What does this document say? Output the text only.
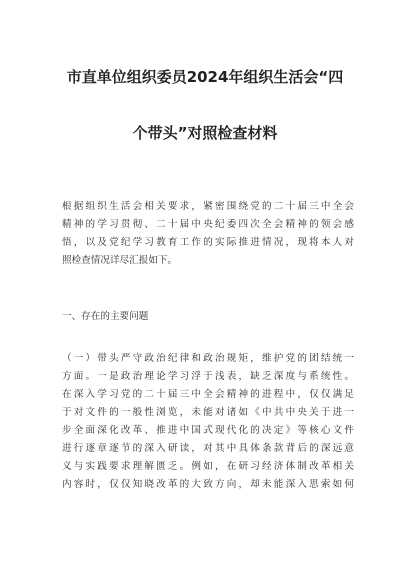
市直单位组织委员2024年组织生活会“四
个带头”对照检查材料
根据组织生活会相关要求，紧密围绕党的二十届三中全会
精神的学习贯彻、二十届中央纪委四次全会精神的领会感
悟，以及党纪学习教育工作的实际推进情况，现将本人对
照检查情况详尽汇报如下。
一、存在的主要问题
（一）带头严守政治纪律和政治规矩，维护党的团结统一
方面。一是政治理论学习浮于浅表，缺乏深度与系统性。
在深入学习党的二十届三中全会精神的进程中，仅仅满足
于对文件的一般性浏览，未能对诸如《中共中央关于进一
步全面深化改革、推进中国式现代化的决定》等核心文件
进行逐章逐节的深入研读，对其中具体条款背后的深远意
义与实践要求理解匮乏。例如，在研习经济体制改革相关
内容时，仅仅知晓改革的大致方向，却未能深入思索如何
